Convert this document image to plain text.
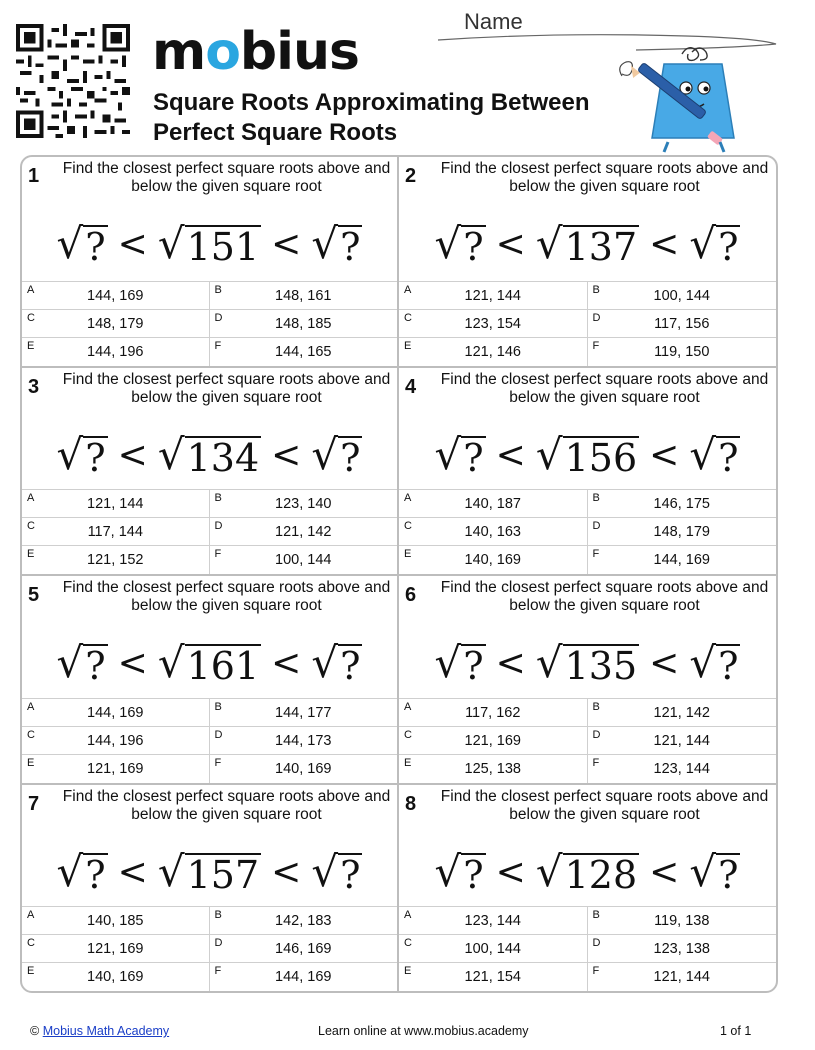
mobius
Square Roots Approximating Between
Perfect Square Roots
Name
1 Find the closest perfect square roots above and below the given square root
√ ? < √ 151 < √ ?
A	144, 169	B	148, 161
C	148, 179	D	148, 185
E	144, 196	F	144, 165
2 Find the closest perfect square roots above and below the given square root
√ ? < √ 137 < √ ?
A	121, 144	B	100, 144
C	123, 154	D	117, 156
E	121, 146	F	119, 150
3 Find the closest perfect square roots above and below the given square root
√ ? < √ 134 < √ ?
A	121, 144	B	123, 140
C	117, 144	D	121, 142
E	121, 152	F	100, 144
4 Find the closest perfect square roots above and below the given square root
√ ? < √ 156 < √ ?
A	140, 187	B	146, 175
C	140, 163	D	148, 179
E	140, 169	F	144, 169
5 Find the closest perfect square roots above and below the given square root
√ ? < √ 161 < √ ?
A	144, 169	B	144, 177
C	144, 196	D	144, 173
E	121, 169	F	140, 169
6 Find the closest perfect square roots above and below the given square root
√ ? < √ 135 < √ ?
A	117, 162	B	121, 142
C	121, 169	D	121, 144
E	125, 138	F	123, 144
7 Find the closest perfect square roots above and below the given square root
√ ? < √ 157 < √ ?
A	140, 185	B	142, 183
C	121, 169	D	146, 169
E	140, 169	F	144, 169
8 Find the closest perfect square roots above and below the given square root
√ ? < √ 128 < √ ?
A	123, 144	B	119, 138
C	100, 144	D	123, 138
E	121, 154	F	121, 144
© Mobius Math Academy	Learn online at www.mobius.academy	1 of 1
